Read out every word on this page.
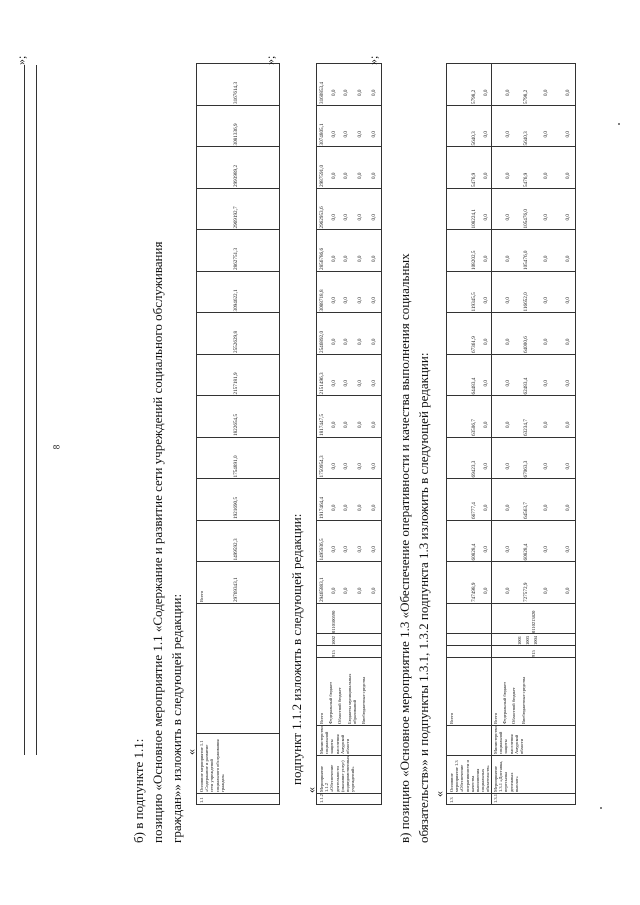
8
»;
б) в подпункте 1.1: позицию «Основное мероприятие 1.1 «Содержание и развитие сети учреждений социального обслуживания граждан»» изложить в следующей редакции: «
1.1
Основное мероприятие 1.1 «Содержание и развитие сети учреждений социального обслуживания граждан»
Всего	29769343,1
1499592,3
1921690,5
1754891,0
1822654,5
2157181,9
2552629,8
3094622,1
2862751,3
2969192,7
2993989,2
3081336,9
3167614,3
»;
подпункт 1.1.2 изложить в следующей редакции:
«
1.1.2
Мероприятие 1.1.2 «Обеспечение деятельности (оказание услуг) подведомственных учреждений»
Министерство социальной защиты населения Амурской области
Всего Федеральный бюджет Областной бюджет Бюджеты муниципальных образований Внебюджетные средства
915
1002
0110100590
29465883,1
1495936,5
1917464,4
1750954,3
1817447,5
2151496,3
2546892,0
3088718,8
2856786,6
2962953,6
2987591,0
3074805,1
3160853,4
0,0
0,0
0,0
0,0
0,0
0,0
0,0
0,0
0,0
0,0
0,0
0,0
0,0
0,0
0,0
0,0
0,0
0,0
0,0
0,0
0,0
0,0
0,0
0,0
0,0
0,0
0,0
0,0
0,0
0,0
0,0
0,0
0,0
0,0
0,0
0,0
0,0
0,0
0,0
0,0
0,0
0,0
0,0
0,0
0,0
0,0
0,0
0,0
0,0
0,0
0,0
0,0
»;
в) позицию «Основное мероприятие 1.3 «Обеспечение оперативности и качества выполнения социальных обязательств»» и подпункты 1.3.1, 1.3.2 подпункта 1.3 изложить в следующей редакции: «
1.3
Основное мероприятие 1.3 «Обеспечение оперативности и качества выполнения социальных обязательств»
Всего
1.3.1
Мероприятие 1.3.1 «Доставка, пересылка денежных выплат»
Министерство социальной защиты населения Амурской области
Всего Федеральный бюджет Областной бюджет Внебюджетные средства
915
1001 1003 1004
0110213820
747498,9
60828,4
66777,4
69423,3
63506,7
64483,4
67361,9
119345,5
108202,5
108224,1
5476,9
5640,3
5798,2
0,0
0,0
0,0
0,0
0,0
0,0
0,0
0,0
0,0
0,0
0,0
0,0
0,0
0,0
0,0
0,0
0,0
0,0
0,0
0,0
0,0
0,0
0,0
0,0
0,0
0,0
0,0
0,0
0,0
0,0
0,0
0,0
0,0
0,0
0,0
0,0
0,0
0,0
0,0
0,0
0,0
0,0
0,0
0,0
0,0
0,0
0,0
0,0
0,0
0,0
0,0
0,0
727572,9
60828,4
64563,7
67063,3
63234,7
62483,4
64000,6
116652,0
105476,0
105476,0
5476,9
5640,3
5798,2
